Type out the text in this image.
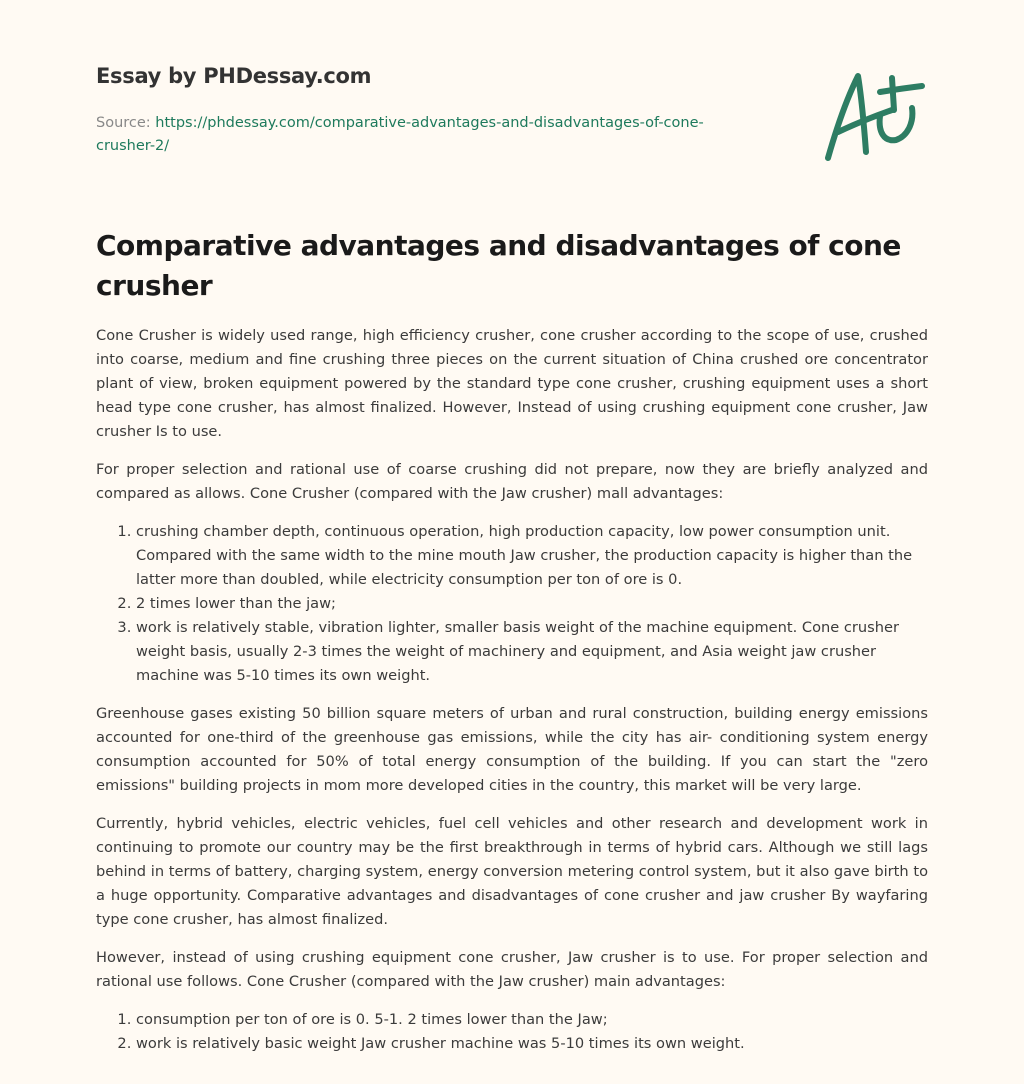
Essay by PHDessay.com
Source: https://phdessay.com/comparative-advantages-and-disadvantages-of-cone-crusher-2/
Comparative advantages and disadvantages of cone crusher

Cone Crusher is widely used range, high efficiency crusher, cone crusher according to the scope of use, crushed into coarse, medium and fine crushing three pieces on the current situation of China crushed ore concentrator plant of view, broken equipment powered by the standard type cone crusher, crushing equipment uses a short head type cone crusher, has almost finalized. However, Instead of using crushing equipment cone crusher, Jaw crusher Is to use.

For proper selection and rational use of coarse crushing did not prepare, now they are briefly analyzed and compared as allows. Cone Crusher (compared with the Jaw crusher) mall advantages:

1. crushing chamber depth, continuous operation, high production capacity, low power consumption unit. Compared with the same width to the mine mouth Jaw crusher, the production capacity is higher than the latter more than doubled, while electricity consumption per ton of ore is 0.
2. 2 times lower than the jaw;
3. work is relatively stable, vibration lighter, smaller basis weight of the machine equipment. Cone crusher weight basis, usually 2-3 times the weight of machinery and equipment, and Asia weight jaw crusher machine was 5-10 times its own weight.

Greenhouse gases existing 50 billion square meters of urban and rural construction, building energy emissions accounted for one-third of the greenhouse gas emissions, while the city has air- conditioning system energy consumption accounted for 50% of total energy consumption of the building. If you can start the "zero emissions" building projects in mom more developed cities in the country, this market will be very large.

Currently, hybrid vehicles, electric vehicles, fuel cell vehicles and other research and development work in continuing to promote our country may be the first breakthrough in terms of hybrid cars. Although we still lags behind in terms of battery, charging system, energy conversion metering control system, but it also gave birth to a huge opportunity. Comparative advantages and disadvantages of cone crusher and jaw crusher By wayfaring type cone crusher, has almost finalized.

However, instead of using crushing equipment cone crusher, Jaw crusher is to use. For proper selection and rational use follows. Cone Crusher (compared with the Jaw crusher) main advantages:

1. consumption per ton of ore is 0. 5-1. 2 times lower than the Jaw;
2. work is relatively basic weight Jaw crusher machine was 5-10 times its own weight.
